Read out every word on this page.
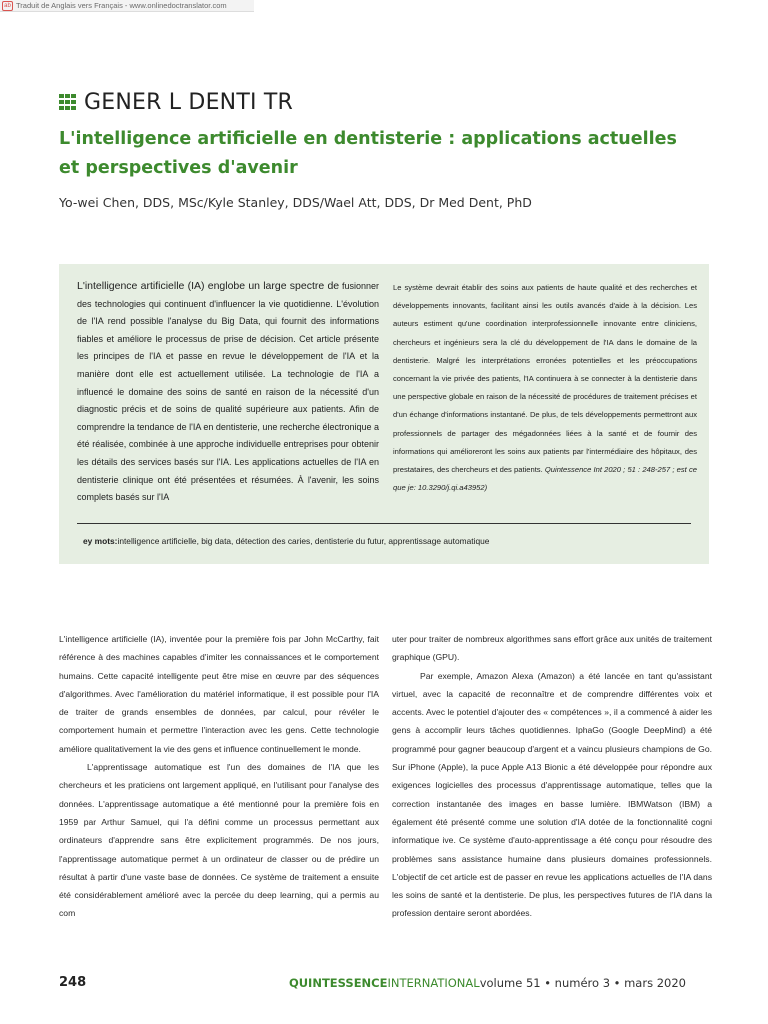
ab Traduit de Anglais vers Français - www.onlinedoctranslator.com
GENER L DENTI TR
L'intelligence artificielle en dentisterie : applications actuelles et perspectives d'avenir
Yo-wei Chen, DDS, MSc/Kyle Stanley, DDS/Wael Att, DDS, Dr Med Dent, PhD
L'intelligence artificielle (IA) englobe un large spectre de fusionner des technologies qui continuent d'influencer la vie quotidienne. L'évolution de l'IA rend possible l'analyse du Big Data, qui fournit des informations fiables et améliore le processus de prise de décision. Cet article présente les principes de l'IA et passe en revue le développement de l'IA et la manière dont elle est actuellement utilisée. La technologie de l'IA a influencé le domaine des soins de santé en raison de la nécessité d'un diagnostic précis et de soins de qualité supérieure aux patients. Afin de comprendre la tendance de l'IA en dentisterie, une recherche électronique a été réalisée, combinée à une approche individuelle entreprises pour obtenir les détails des services basés sur l'IA. Les applications actuelles de l'IA en dentisterie clinique ont été présentées et résumées. À l'avenir, les soins complets basés sur l'IA
Le système devrait établir des soins aux patients de haute qualité et des recherches et développements innovants, facilitant ainsi les outils avancés d'aide à la décision. Les auteurs estiment qu'une coordination interprofessionnelle innovante entre cliniciens, chercheurs et ingénieurs sera la clé du développement de l'IA dans le domaine de la dentisterie. Malgré les interprétations erronées potentielles et les préoccupations concernant la vie privée des patients, l'IA continuera à se connecter à la dentisterie dans une perspective globale en raison de la nécessité de procédures de traitement précises et d'un échange d'informations instantané. De plus, de tels développements permettront aux professionnels de partager des mégadonnées liées à la santé et de fournir des informations qui amélioreront les soins aux patients par l'intermédiaire des hôpitaux, des prestataires, des chercheurs et des patients. Quintessence Int 2020 ; 51 : 248-257 ; est ce que je: 10.3290/j.qi.a43952)
ey mots:intelligence artificielle, big data, détection des caries, dentisterie du futur, apprentissage automatique

L'intelligence artificielle (IA), inventée pour la première fois par John McCarthy, fait référence à des machines capables d'imiter les connaissances et le comportement humains. Cette capacité intelligente peut être mise en œuvre par des séquences d'algorithmes. Avec l'amélioration du matériel informatique, il est possible pour l'IA de traiter de grands ensembles de données, par calcul, pour révéler le comportement humain et permettre l'interaction avec les gens. Cette technologie améliore qualitativement la vie des gens et influence continuellement le monde.

L'apprentissage automatique est l'un des domaines de l'IA que les chercheurs et les praticiens ont largement appliqué, en l'utilisant pour l'analyse des données. L'apprentissage automatique a été mentionné pour la première fois en 1959 par Arthur Samuel, qui l'a défini comme un processus permettant aux ordinateurs d'apprendre sans être explicitement programmés. De nos jours, l'apprentissage automatique permet à un ordinateur de classer ou de prédire un résultat à partir d'une vaste base de données. Ce système de traitement a ensuite été considérablement amélioré avec la percée du deep learning, qui a permis au com

uter pour traiter de nombreux algorithmes sans effort grâce aux unités de traitement graphique (GPU).

Par exemple, Amazon Alexa (Amazon) a été lancée en tant qu'assistant virtuel, avec la capacité de reconnaître et de comprendre différentes voix et accents. Avec le potentiel d'ajouter des « compétences », il a commencé à aider les gens à accomplir leurs tâches quotidiennes. IphaGo (Google DeepMind) a été programmé pour gagner beaucoup d'argent et a vaincu plusieurs champions de Go. Sur iPhone (Apple), la puce Apple A13 Bionic a été développée pour répondre aux exigences logicielles des processus d'apprentissage automatique, telles que la correction instantanée des images en basse lumière. IBMWatson (IBM) a également été présenté comme une solution d'IA dotée de la fonctionnalité cogni informatique ive. Ce système d'auto-apprentissage a été conçu pour résoudre des problèmes sans assistance humaine dans plusieurs domaines professionnels. L'objectif de cet article est de passer en revue les applications actuelles de l'IA dans les soins de santé et la dentisterie. De plus, les perspectives futures de l'IA dans la profession dentaire seront abordées.

248	QUINTESSENCEINTERNATIONALvolume 51 • numéro 3 • mars 2020
